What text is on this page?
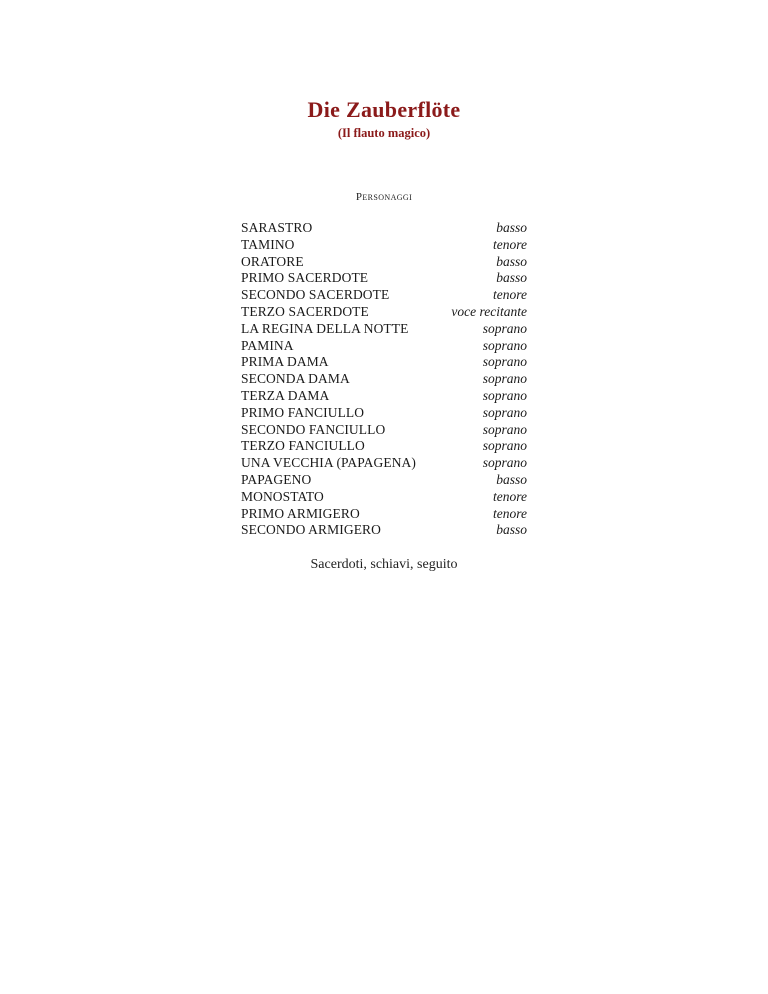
Die Zauberflöte
(Il flauto magico)
Personaggi
SARASTRO	basso
TAMINO	tenore
ORATORE	basso
PRIMO SACERDOTE	basso
SECONDO SACERDOTE	tenore
TERZO SACERDOTE	voce recitante
LA REGINA DELLA NOTTE	soprano
PAMINA	soprano
PRIMA DAMA	soprano
SECONDA DAMA	soprano
TERZA DAMA	soprano
PRIMO FANCIULLO	soprano
SECONDO FANCIULLO	soprano
TERZO FANCIULLO	soprano
UNA VECCHIA (PAPAGENA)	soprano
PAPAGENO	basso
MONOSTATO	tenore
PRIMO ARMIGERO	tenore
SECONDO ARMIGERO	basso
Sacerdoti, schiavi, seguito
